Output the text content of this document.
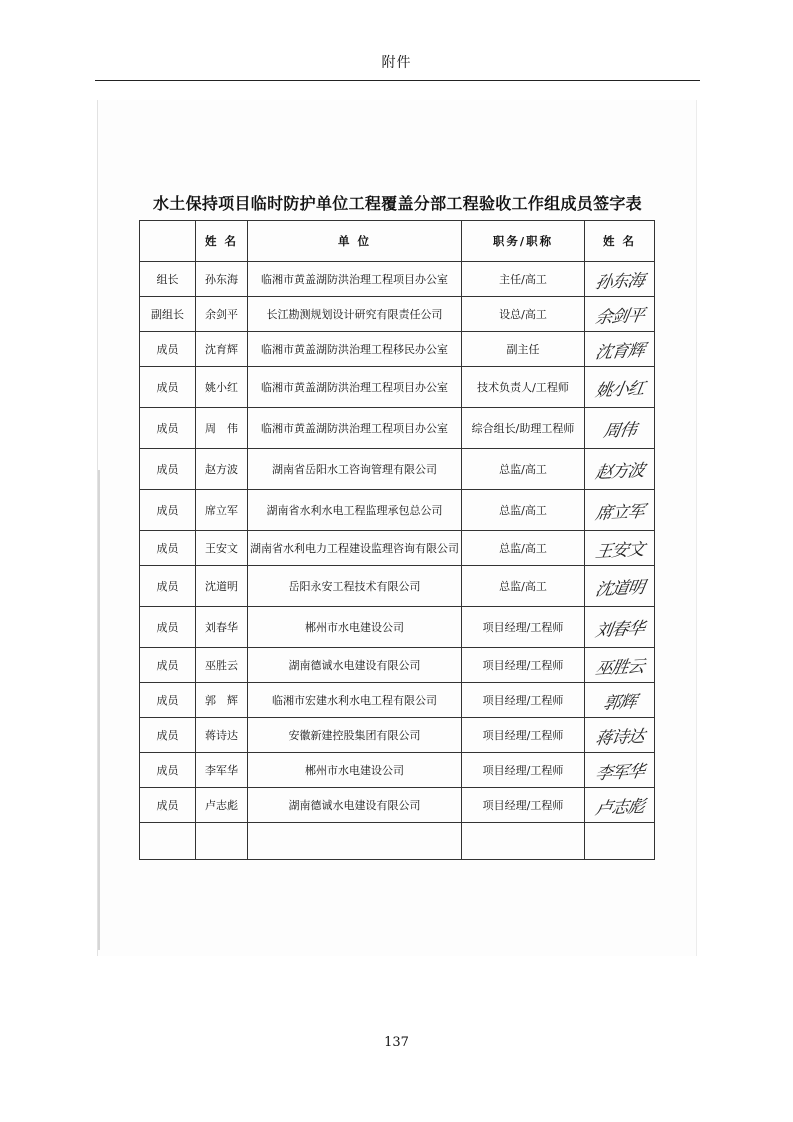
附件
水土保持项目临时防护单位工程覆盖分部工程验收工作组成员签字表
	姓 名	单 位	职务/职称	姓 名
组长	孙东海	临湘市黄盖湖防洪治理工程项目办公室	主任/高工	孙东海
副组长	余剑平	长江勘测规划设计研究有限责任公司	设总/高工	余剑平
成员	沈育辉	临湘市黄盖湖防洪治理工程移民办公室	副主任	沈育辉
成员	姚小红	临湘市黄盖湖防洪治理工程项目办公室	技术负责人/工程师	姚小红
成员	周　伟	临湘市黄盖湖防洪治理工程项目办公室	综合组长/助理工程师	周伟
成员	赵方波	湖南省岳阳水工咨询管理有限公司	总监/高工	赵方波
成员	席立军	湖南省水利水电工程监理承包总公司	总监/高工	席立军
成员	王安文	湖南省水利电力工程建设监理咨询有限公司	总监/高工	王安文
成员	沈道明	岳阳永安工程技术有限公司	总监/高工	沈道明
成员	刘春华	郴州市水电建设公司	项目经理/工程师	刘春华
成员	巫胜云	湖南德诚水电建设有限公司	项目经理/工程师	巫胜云
成员	郭　辉	临湘市宏建水利水电工程有限公司	项目经理/工程师	郭辉
成员	蒋诗达	安徽新建控股集团有限公司	项目经理/工程师	蒋诗达
成员	李军华	郴州市水电建设公司	项目经理/工程师	李军华
成员	卢志彪	湖南德诚水电建设有限公司	项目经理/工程师	卢志彪

137
